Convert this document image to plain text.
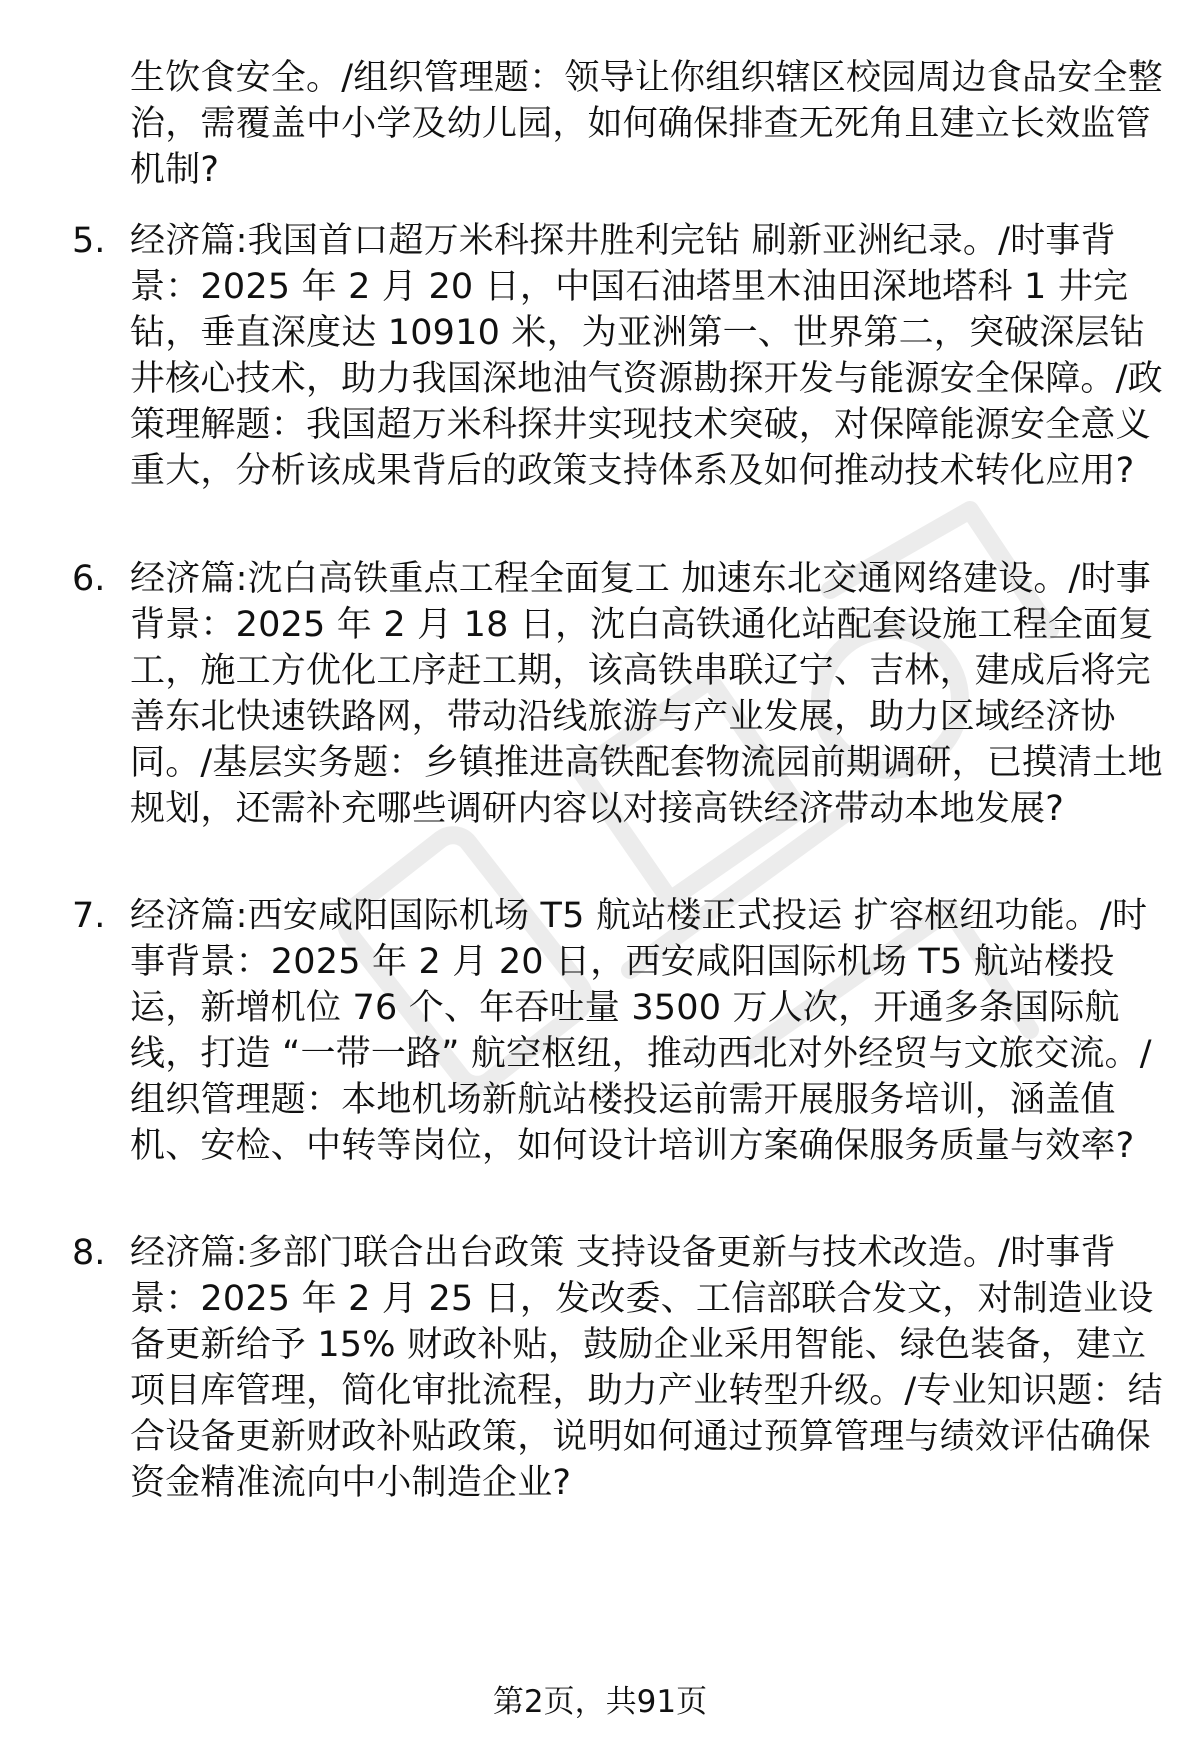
生饮食安全。/组织管理题：领导让你组织辖区校园周边食品安全整治，需覆盖中小学及幼儿园，如何确保排查无死角且建立长效监管机制?
5. 经济篇:我国首口超万米科探井胜利完钻 刷新亚洲纪录。/时事背景：2025 年 2 月 20 日，中国石油塔里木油田深地塔科 1 井完钻，垂直深度达 10910 米，为亚洲第一、世界第二，突破深层钻井核心技术，助力我国深地油气资源勘探开发与能源安全保障。/政策理解题：我国超万米科探井实现技术突破，对保障能源安全意义重大，分析该成果背后的政策支持体系及如何推动技术转化应用?
6. 经济篇:沈白高铁重点工程全面复工 加速东北交通网络建设。/时事背景：2025 年 2 月 18 日，沈白高铁通化站配套设施工程全面复工，施工方优化工序赶工期，该高铁串联辽宁、吉林，建成后将完善东北快速铁路网，带动沿线旅游与产业发展，助力区域经济协同。/基层实务题：乡镇推进高铁配套物流园前期调研，已摸清土地规划，还需补充哪些调研内容以对接高铁经济带动本地发展?
7. 经济篇:西安咸阳国际机场 T5 航站楼正式投运 扩容枢纽功能。/时事背景：2025 年 2 月 20 日，西安咸阳国际机场 T5 航站楼投运，新增机位 76 个、年吞吐量 3500 万人次，开通多条国际航线，打造 “一带一路” 航空枢纽，推动西北对外经贸与文旅交流。/组织管理题：本地机场新航站楼投运前需开展服务培训，涵盖值机、安检、中转等岗位，如何设计培训方案确保服务质量与效率?
8. 经济篇:多部门联合出台政策 支持设备更新与技术改造。/时事背景：2025 年 2 月 25 日，发改委、工信部联合发文，对制造业设备更新给予 15% 财政补贴，鼓励企业采用智能、绿色装备，建立项目库管理，简化审批流程，助力产业转型升级。/专业知识题：结合设备更新财政补贴政策，说明如何通过预算管理与绩效评估确保资金精准流向中小制造企业?
第2页，共91页
